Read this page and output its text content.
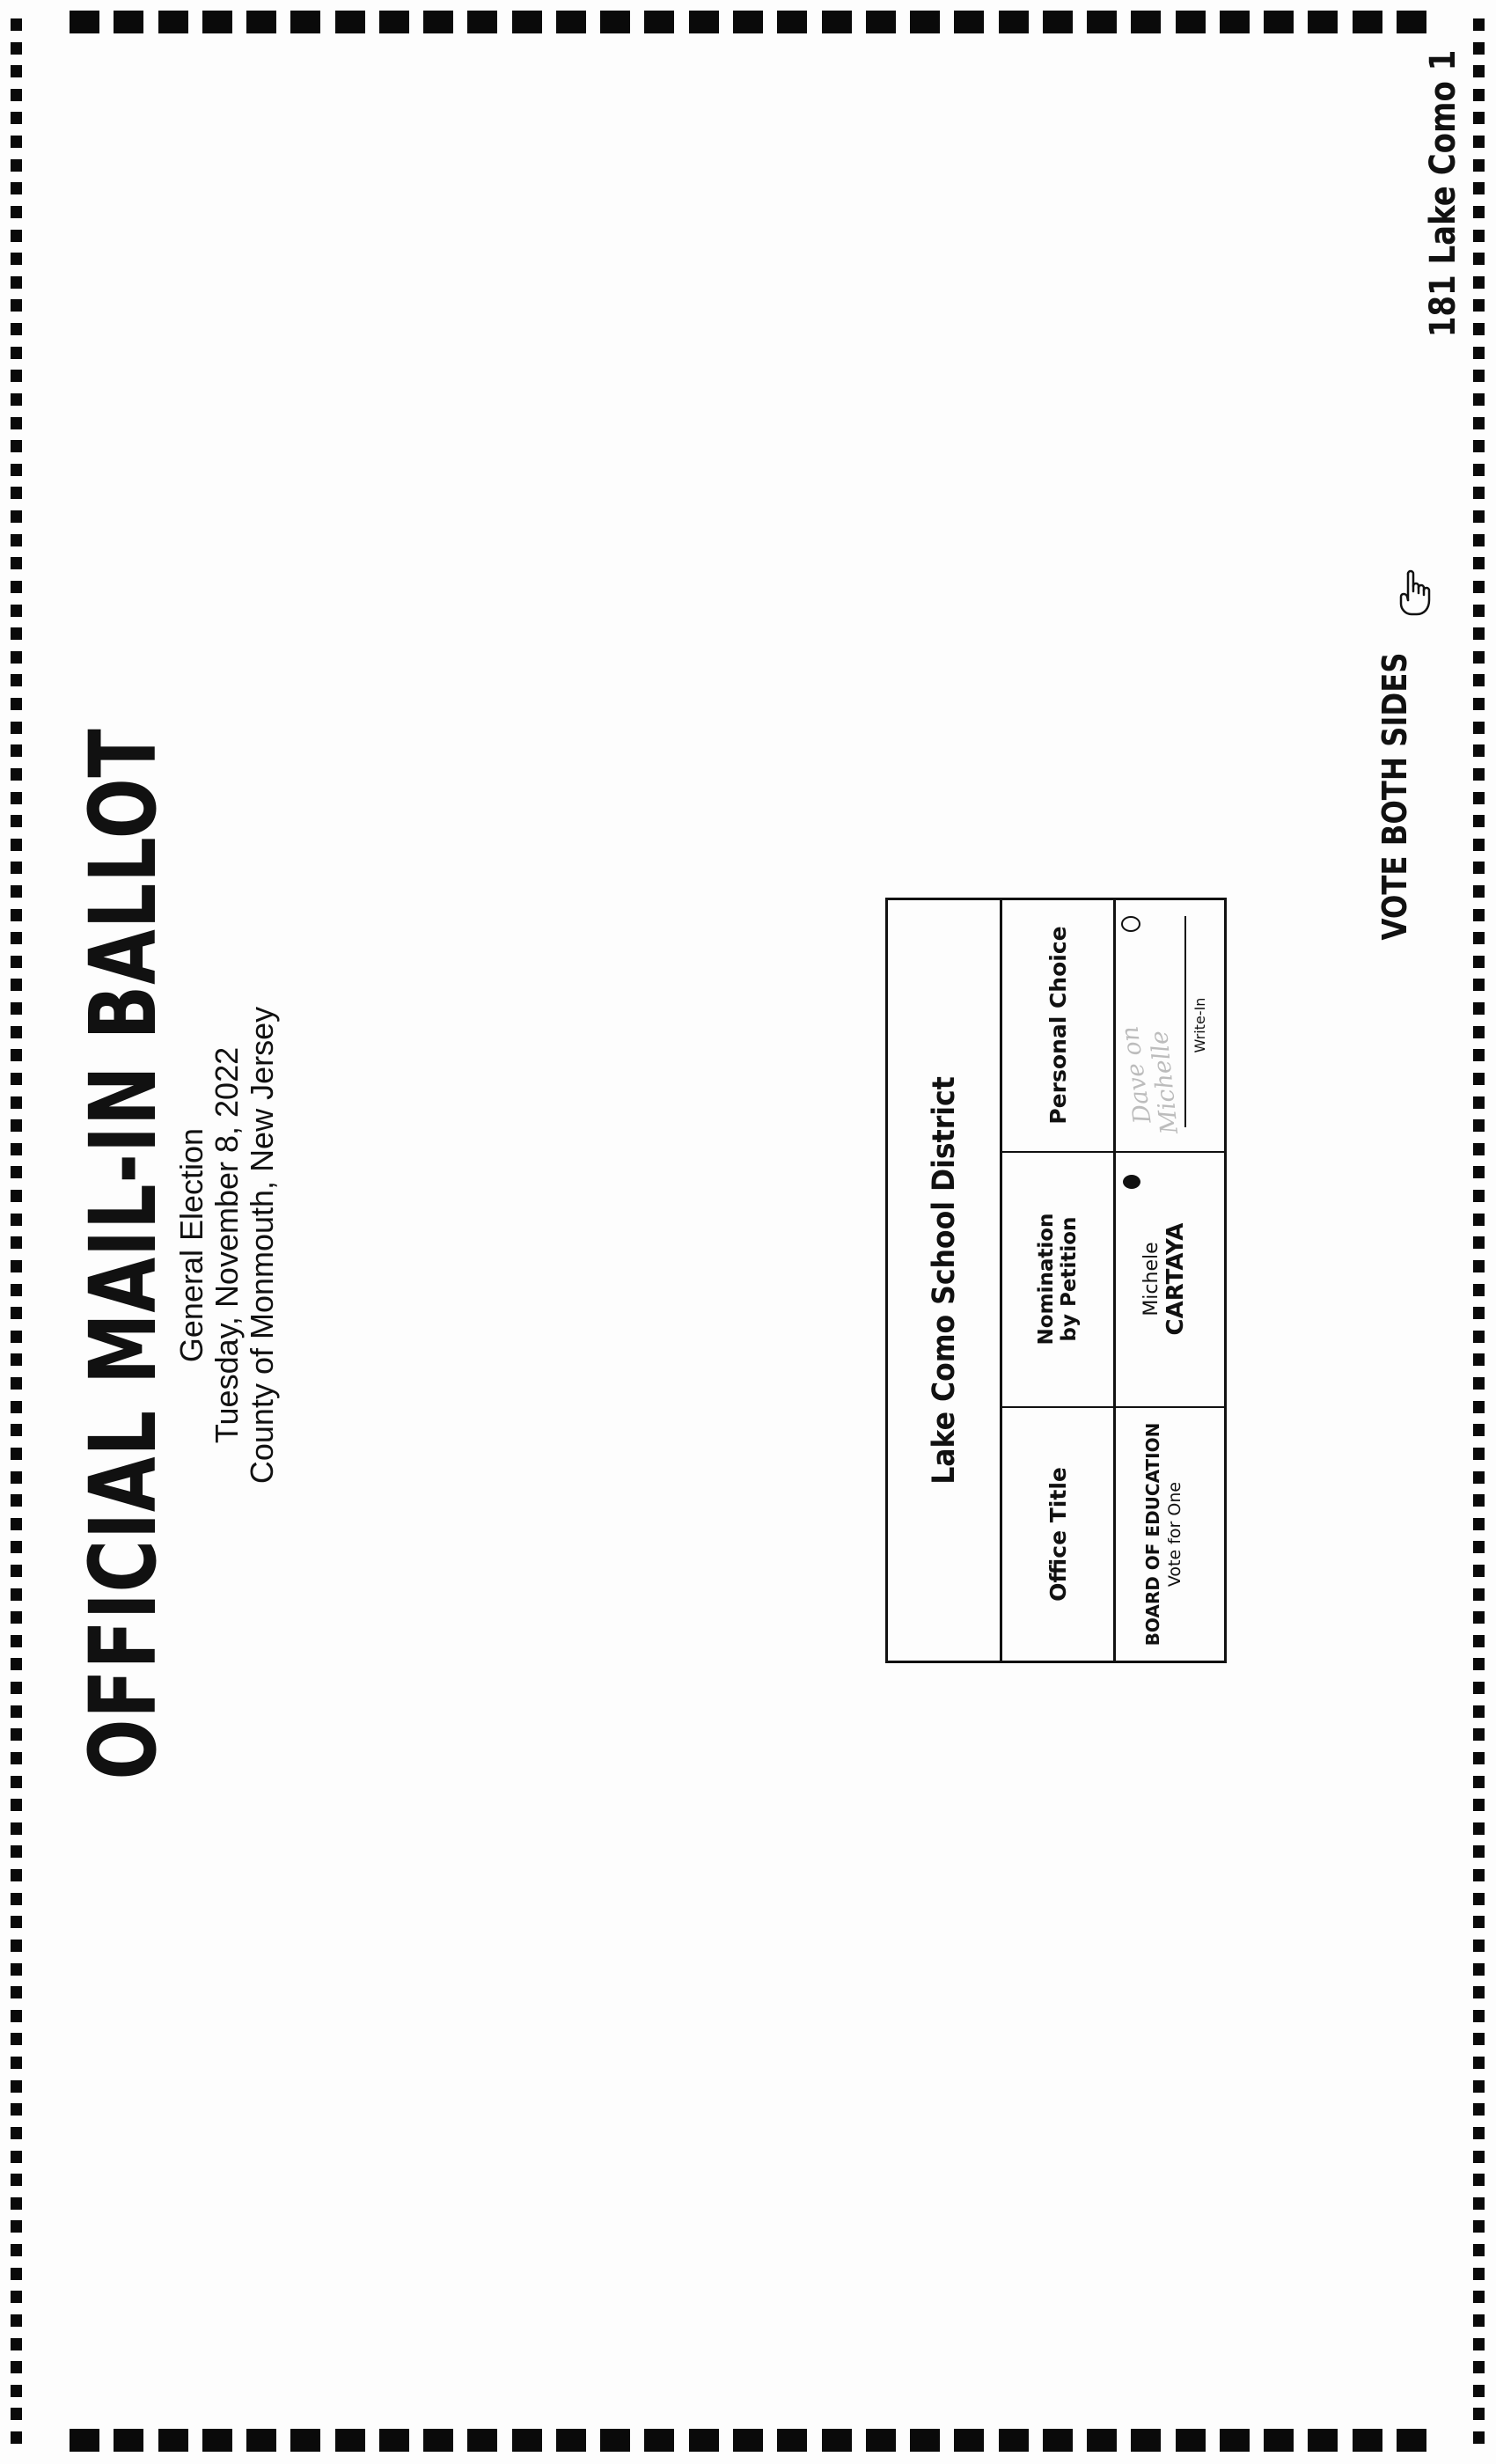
OFFICIAL MAIL-IN BALLOT
General Election Tuesday, November 8, 2022 County of Monmouth, New Jersey
181 Lake Como 1
Lake Como School District
Office Title
Nomination by Petition
Personal Choice
BOARD OF EDUCATION Vote for One
Michele CARTAYA
Dave on
Michelle
Write-In
VOTE BOTH SIDES
